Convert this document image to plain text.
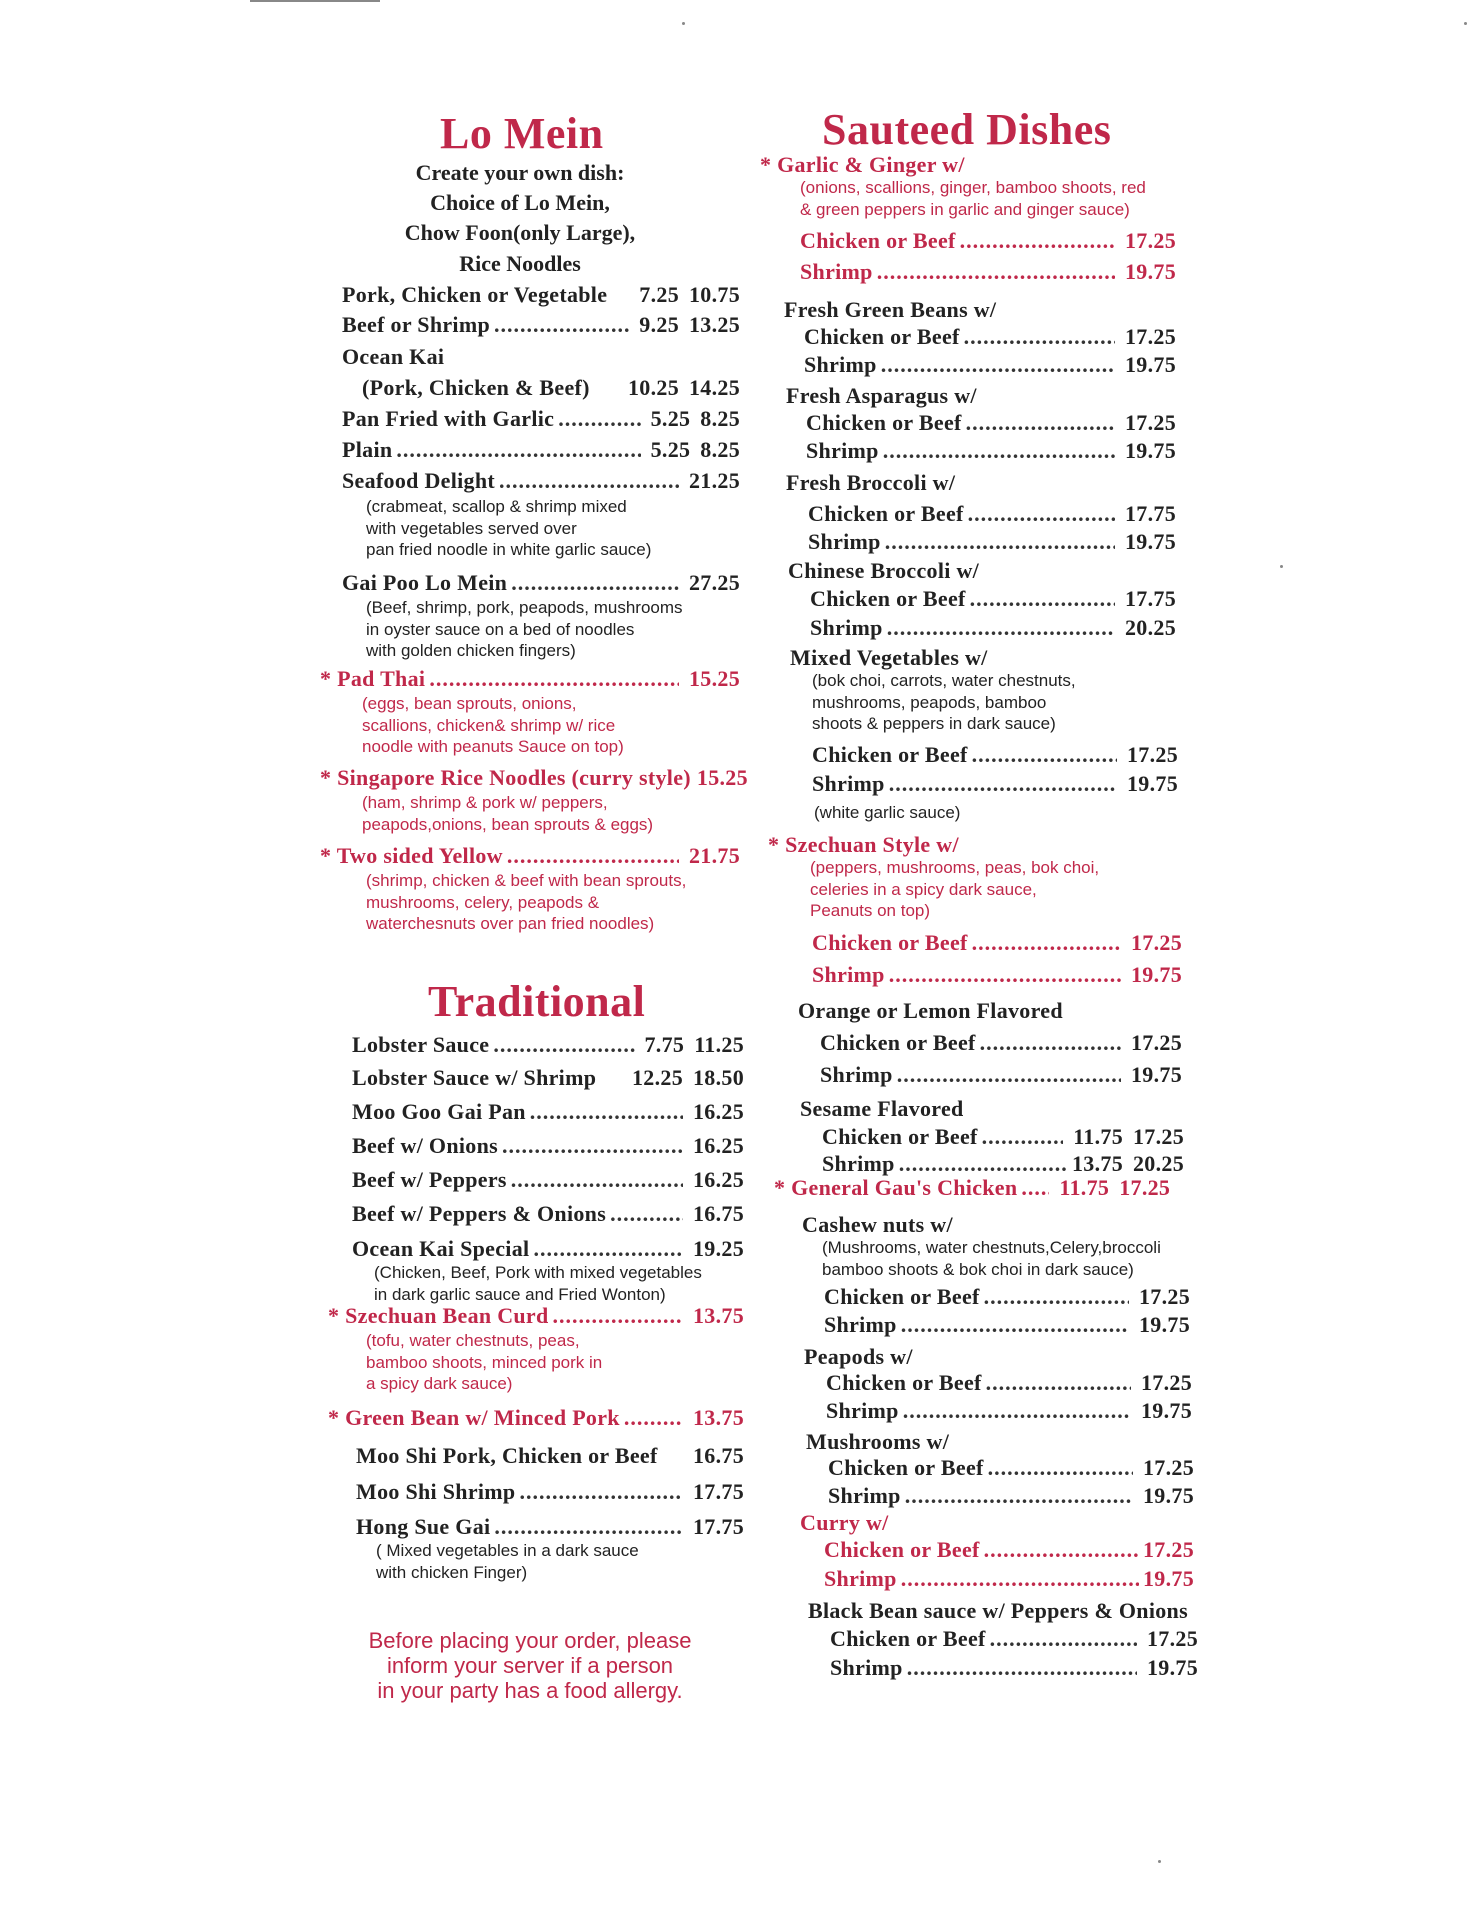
Lo Mein
Create your own dish:
Choice of Lo Mein,
Chow Foon(only Large),
Rice Noodles
Pork, Chicken or Vegetable 7.25 10.75
Beef or Shrimp .....	9.25 13.25
Ocean Kai
(Pork, Chicken & Beef) 10.25 14.25
Pan Fried with Garlic .....	5.25 8.25
Plain .....	5.25 8.25
Seafood Delight .....	21.25
(crabmeat, scallop & shrimp mixed
with vegetables served over
pan fried noodle in white garlic sauce)
Gai Poo Lo Mein .....	27.25
(Beef, shrimp, pork, peapods, mushrooms
in oyster sauce on a bed of noodles
with golden chicken fingers)
* Pad Thai .....	15.25
(eggs, bean sprouts, onions,
scallions, chicken& shrimp w/ rice
noodle with peanuts Sauce on top)
* Singapore Rice Noodles (curry style) 15.25
(ham, shrimp & pork w/ peppers,
peapods,onions, bean sprouts & eggs)
* Two sided Yellow .....	21.75
(shrimp, chicken & beef with bean sprouts,
mushrooms, celery, peapods &
waterchesnuts over pan fried noodles)
Traditional
Lobster Sauce .....	7.75 11.25
Lobster Sauce w/ Shrimp 12.25 18.50
Moo Goo Gai Pan .....	16.25
Beef w/ Onions .....	16.25
Beef w/ Peppers .....	16.25
Beef w/ Peppers & Onions .....	16.75
Ocean Kai Special .....	19.25
(Chicken, Beef, Pork with mixed vegetables
in dark garlic sauce and Fried Wonton)
* Szechuan Bean Curd .....	13.75
(tofu, water chestnuts, peas,
bamboo shoots, minced pork in
a spicy dark sauce)
* Green Bean w/ Minced Pork .....	13.75
Moo Shi Pork, Chicken or Beef 16.75
Moo Shi Shrimp .....	17.75
Hong Sue Gai .....	17.75
( Mixed vegetables in a dark sauce
with chicken Finger)
Before placing your order, please
inform your server if a person
in your party has a food allergy.
Sauteed Dishes
* Garlic & Ginger w/
(onions, scallions, ginger, bamboo shoots, red
& green peppers in garlic and ginger sauce)
Chicken or Beef .....	17.25
Shrimp .....	19.75
Fresh Green Beans w/
Chicken or Beef .....	17.25
Shrimp .....	19.75
Fresh Asparagus w/
Chicken or Beef .....	17.25
Shrimp .....	19.75
Fresh Broccoli w/
Chicken or Beef .....	17.75
Shrimp .....	19.75
Chinese Broccoli w/
Chicken or Beef .....	17.75
Shrimp .....	20.25
Mixed Vegetables w/
(bok choi, carrots, water chestnuts,
mushrooms, peapods, bamboo
shoots & peppers in dark sauce)
Chicken or Beef .....	17.25
Shrimp .....	19.75
(white garlic sauce)
* Szechuan Style w/
(peppers, mushrooms, peas, bok choi,
celeries in a spicy dark sauce,
Peanuts on top)
Chicken or Beef .....	17.25
Shrimp .....	19.75
Orange or Lemon Flavored
Chicken or Beef .....	17.25
Shrimp .....	19.75
Sesame Flavored
Chicken or Beef .....	11.75 17.25
Shrimp .....	13.75 20.25
* General Gau's Chicken ..... 11.75 17.25
Cashew nuts w/
(Mushrooms, water chestnuts,Celery,broccoli
bamboo shoots & bok choi in dark sauce)
Chicken or Beef .....	17.25
Shrimp .....	19.75
Peapods w/
Chicken or Beef .....	17.25
Shrimp .....	19.75
Mushrooms w/
Chicken or Beef .....	17.25
Shrimp .....	19.75
Curry w/
Chicken or Beef .....	17.25
Shrimp .....	19.75
Black Bean sauce w/ Peppers & Onions
Chicken or Beef .....	17.25
Shrimp .....	19.75
